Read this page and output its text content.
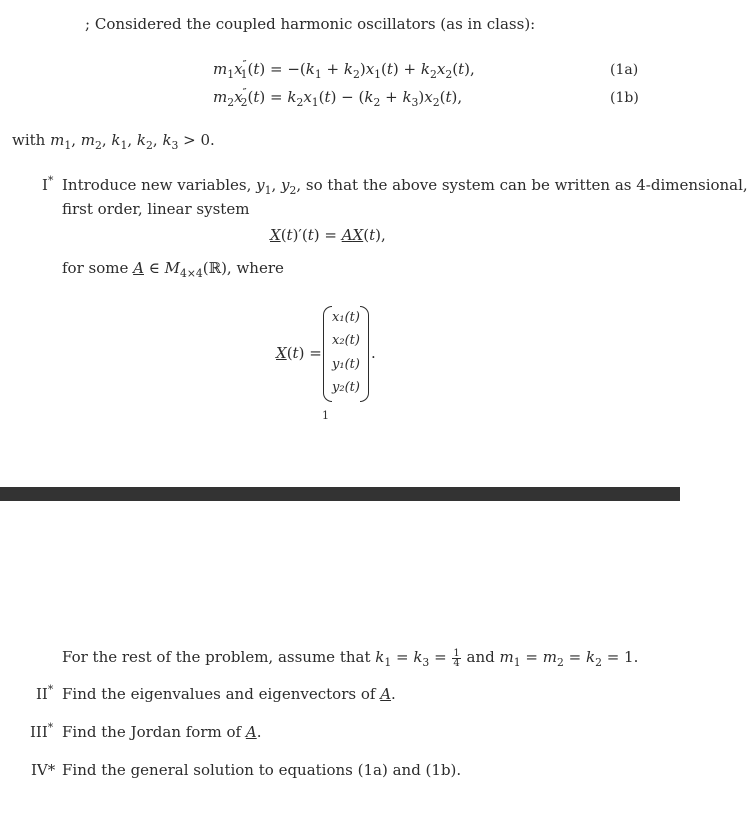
; Considered the coupled harmonic oscillators (as in class):
$m_1x''_1(t) = -(k_1 + k_2)x_1(t) + k_2x_2(t)$,	(1a)
$m_2x''_2(t) = k_2x_1(t) - (k_2 + k_3)x_2(t)$,	(1b)
with $m_1$, $m_2$, $k_1$, $k_2$, $k_3 > 0$.
I* Introduce new variables, $y_1$, $y_2$, so that the above system can be written as 4-dimensional,
first order, linear system
X(t)′(t) = AX(t),
for some A ∈ $M_{4\times 4}(ℝ)$, where
X(t) =
x₁(t)
x₂(t)
y₁(t)
y₂(t)
.
1
For the rest of the problem, assume that $k_1 = k_3 = \frac{1}{4}$ and $m_1 = m_2 = k_2 = 1$.
II* Find the eigenvalues and eigenvectors of A.
III* Find the Jordan form of A.
IV* Find the general solution to equations (1a) and (1b).
